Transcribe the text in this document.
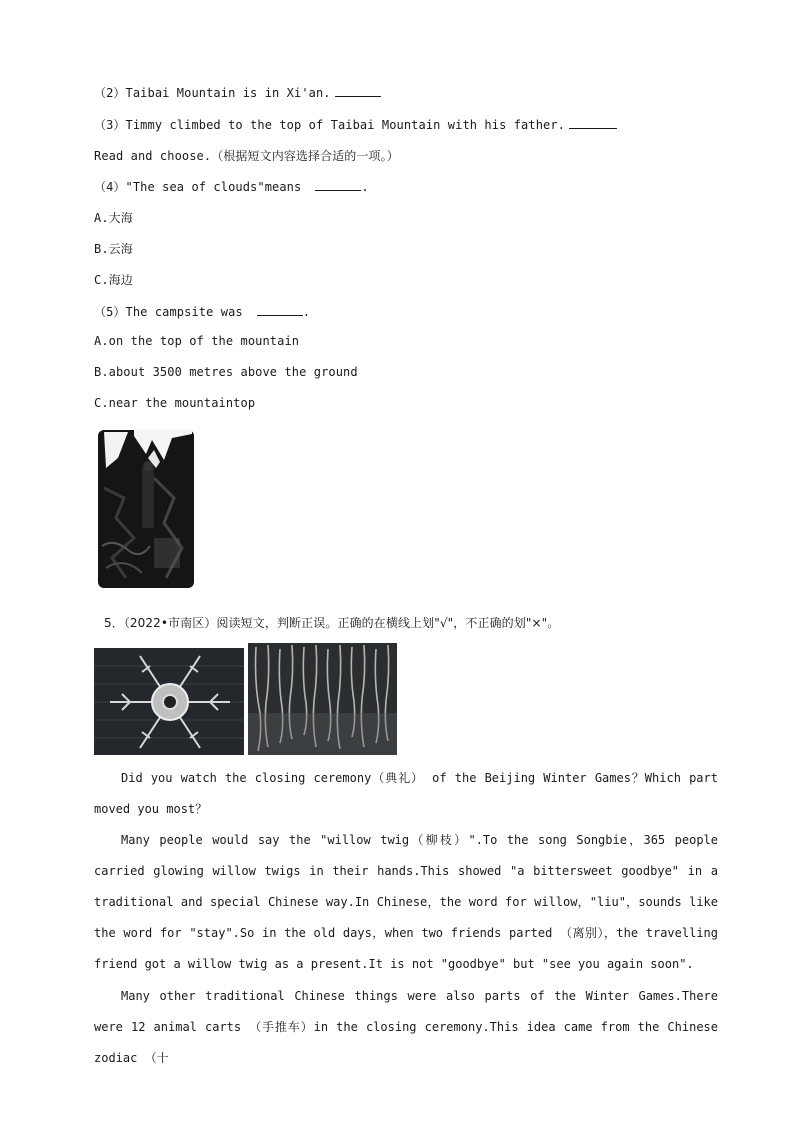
（2）Taibai Mountain is in Xi'an.
（3）Timmy climbed to the top of Taibai Mountain with his father.
Read and choose.（根据短文内容选择合适的一项。）
（4）"The sea of clouds"means	.
A.大海
B.云海
C.海边
（5）The campsite was	.
A.on the top of the mountain
B.about 3500 metres above the ground
C.near the mountaintop
5．（2022•市南区）阅读短文，判断正误。正确的在横线上划"√"，不正确的划"×"。
Did you watch the closing ceremony（典礼） of the Beijing Winter Games？Which part moved you most？
Many people would say the "willow twig（柳枝）".To the song Songbie，365 people carried glowing willow twigs in their hands.This showed "a bittersweet goodbye" in a traditional and special Chinese way.In Chinese，the word for willow，"liu"，sounds like the word for "stay".So in the old days，when two friends parted （离别），the travelling friend got a willow twig as a present.It is not "goodbye" but "see you again soon".
Many other traditional Chinese things were also parts of the Winter Games.There were 12 animal carts （手推车）in the closing ceremony.This idea came from the Chinese zodiac （十
